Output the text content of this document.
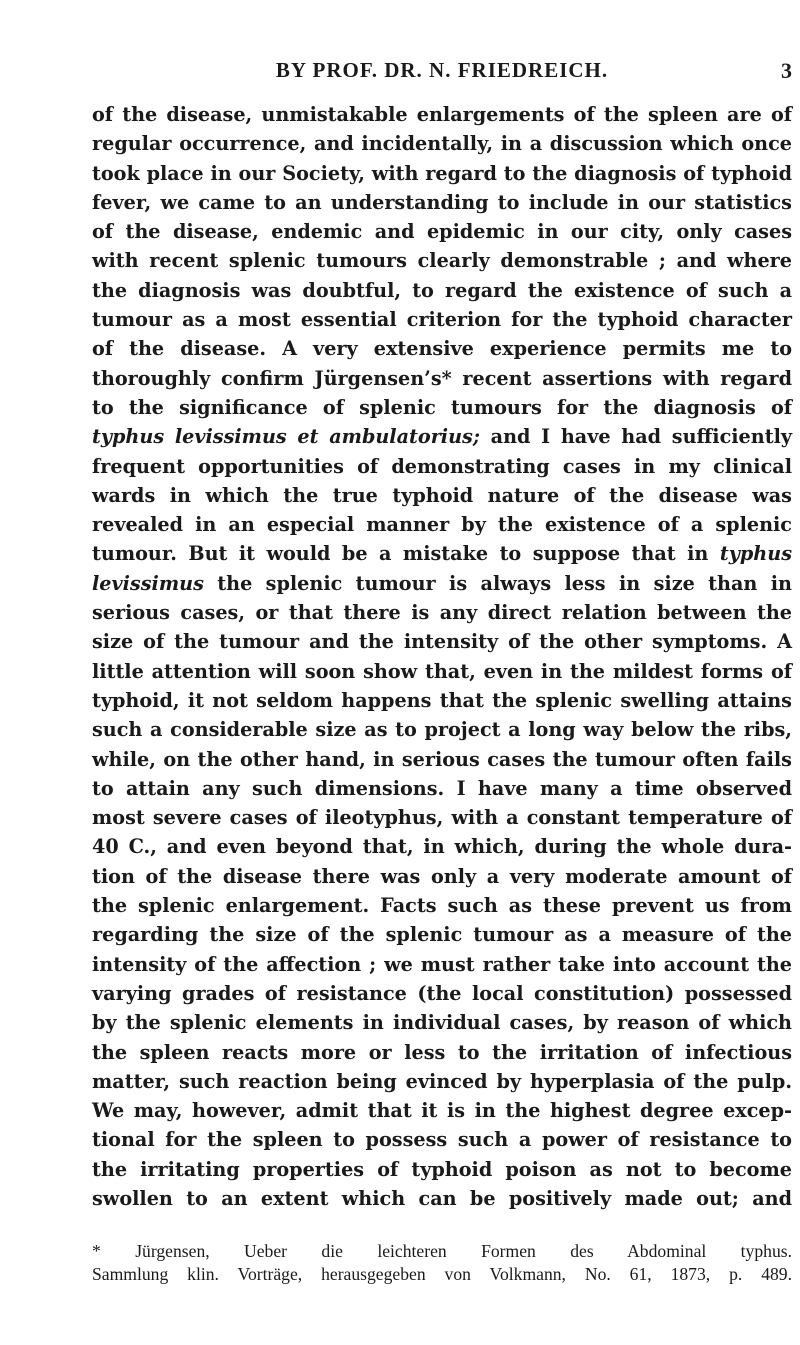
BY PROF. DR. N. FRIEDREICH.	3
of the disease, unmistakable enlargements of the spleen are of
regular occurrence, and incidentally, in a discussion which once
took place in our Society, with regard to the diagnosis of typhoid
fever, we came to an understanding to include in our statistics
of the disease, endemic and epidemic in our city, only cases
with recent splenic tumours clearly demonstrable ; and where
the diagnosis was doubtful, to regard the existence of such a
tumour as a most essential criterion for the typhoid character
of the disease. A very extensive experience permits me to
thoroughly confirm Jürgensen’s* recent assertions with regard
to the significance of splenic tumours for the diagnosis of
typhus levissimus et ambulatorius; and I have had sufficiently
frequent opportunities of demonstrating cases in my clinical
wards in which the true typhoid nature of the disease was
revealed in an especial manner by the existence of a splenic
tumour. But it would be a mistake to suppose that in typhus
levissimus the splenic tumour is always less in size than in
serious cases, or that there is any direct relation between the
size of the tumour and the intensity of the other symptoms. A
little attention will soon show that, even in the mildest forms of
typhoid, it not seldom happens that the splenic swelling attains
such a considerable size as to project a long way below the ribs,
while, on the other hand, in serious cases the tumour often fails
to attain any such dimensions. I have many a time observed
most severe cases of ileotyphus, with a constant temperature of
40 C., and even beyond that, in which, during the whole dura-
tion of the disease there was only a very moderate amount of
the splenic enlargement. Facts such as these prevent us from
regarding the size of the splenic tumour as a measure of the
intensity of the affection ; we must rather take into account the
varying grades of resistance (the local constitution) possessed
by the splenic elements in individual cases, by reason of which
the spleen reacts more or less to the irritation of infectious
matter, such reaction being evinced by hyperplasia of the pulp.
We may, however, admit that it is in the highest degree excep-
tional for the spleen to possess such a power of resistance to
the irritating properties of typhoid poison as not to become
swollen to an extent which can be positively made out; and
* Jürgensen, Ueber die leichteren Formen des Abdominal typhus.
Sammlung klin. Vorträge, herausgegeben von Volkmann, No. 61, 1873, p. 489.
